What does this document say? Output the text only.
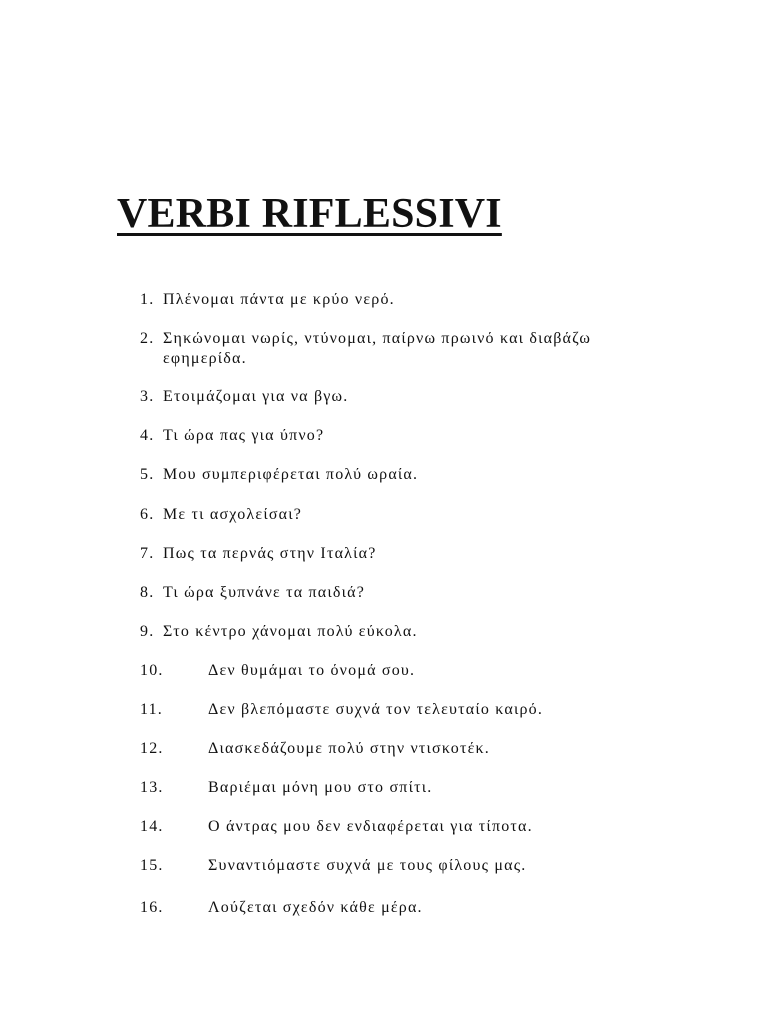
VERBI RIFLESSIVI
1. Πλένομαι πάντα με κρύο νερό.
2. Σηκώνομαι νωρίς, ντύνομαι, παίρνω πρωινό και διαβάζω
εφημερίδα.
3. Ετοιμάζομαι για να βγω.
4. Τι ώρα πας για ύπνο?
5. Μου συμπεριφέρεται πολύ ωραία.
6. Με τι ασχολείσαι?
7. Πως τα περνάς στην Ιταλία?
8. Τι ώρα ξυπνάνε τα παιδιά?
9. Στο κέντρο χάνομαι πολύ εύκολα.
10.	Δεν θυμάμαι το όνομά σου.
11.	Δεν βλεπόμαστε συχνά τον τελευταίο καιρό.
12.	Διασκεδάζουμε πολύ στην ντισκοτέκ.
13.	Βαριέμαι μόνη μου στο σπίτι.
14.	Ο άντρας μου δεν ενδιαφέρεται για τίποτα.
15.	Συναντιόμαστε συχνά με τους φίλους μας.
16.	Λούζεται σχεδόν κάθε μέρα.
